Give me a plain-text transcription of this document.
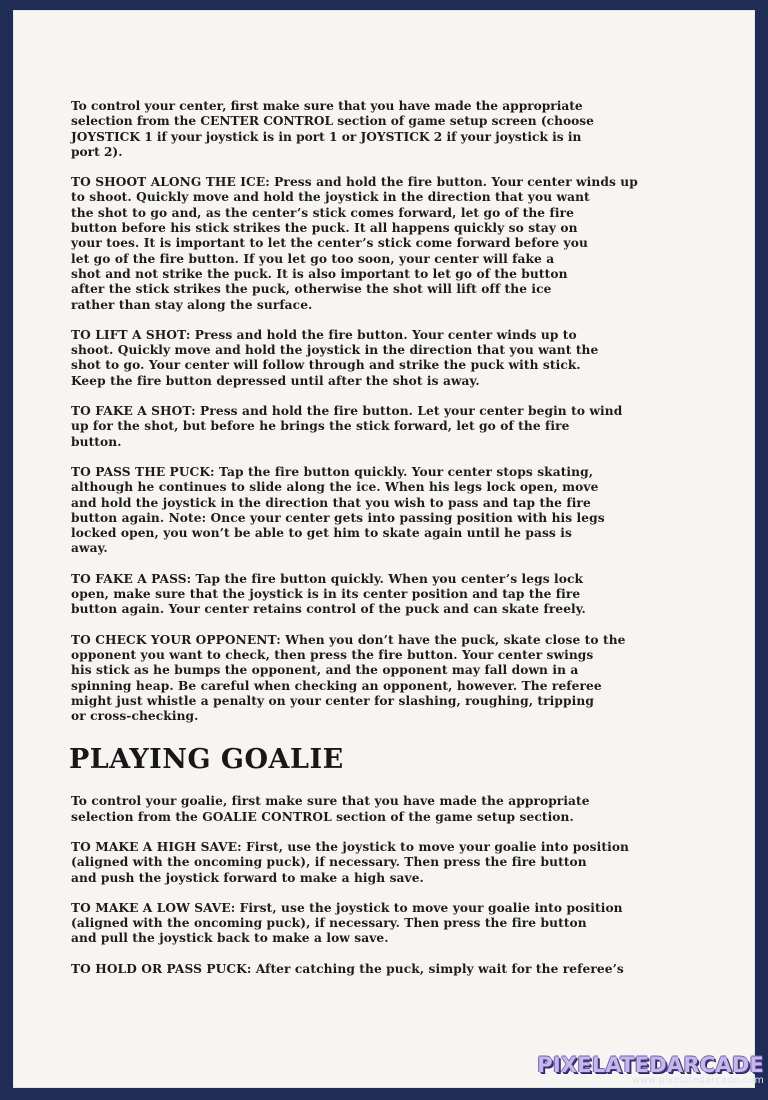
To control your center, first make sure that you have made the appropriate
selection from the CENTER CONTROL section of game setup screen (choose
JOYSTICK 1 if your joystick is in port 1 or JOYSTICK 2 if your joystick is in
port 2).

TO SHOOT ALONG THE ICE: Press and hold the fire button. Your center winds up
to shoot. Quickly move and hold the joystick in the direction that you want
the shot to go and, as the center’s stick comes forward, let go of the fire
button before his stick strikes the puck. It all happens quickly so stay on
your toes. It is important to let the center’s stick come forward before you
let go of the fire button. If you let go too soon, your center will fake a
shot and not strike the puck. It is also important to let go of the button
after the stick strikes the puck, otherwise the shot will lift off the ice
rather than stay along the surface.

TO LIFT A SHOT: Press and hold the fire button. Your center winds up to
shoot. Quickly move and hold the joystick in the direction that you want the
shot to go. Your center will follow through and strike the puck with stick.
Keep the fire button depressed until after the shot is away.

TO FAKE A SHOT: Press and hold the fire button. Let your center begin to wind
up for the shot, but before he brings the stick forward, let go of the fire
button.

TO PASS THE PUCK: Tap the fire button quickly. Your center stops skating,
although he continues to slide along the ice. When his legs lock open, move
and hold the joystick in the direction that you wish to pass and tap the fire
button again. Note: Once your center gets into passing position with his legs
locked open, you won’t be able to get him to skate again until he pass is
away.

TO FAKE A PASS: Tap the fire button quickly. When you center’s legs lock
open, make sure that the joystick is in its center position and tap the fire
button again. Your center retains control of the puck and can skate freely.

TO CHECK YOUR OPPONENT: When you don’t have the puck, skate close to the
opponent you want to check, then press the fire button. Your center swings
his stick as he bumps the opponent, and the opponent may fall down in a
spinning heap. Be careful when checking an opponent, however. The referee
might just whistle a penalty on your center for slashing, roughing, tripping
or cross-checking.

PLAYING GOALIE

To control your goalie, first make sure that you have made the appropriate
selection from the GOALIE CONTROL section of the game setup section.

TO MAKE A HIGH SAVE: First, use the joystick to move your goalie into position
(aligned with the oncoming puck), if necessary. Then press the fire button
and push the joystick forward to make a high save.

TO MAKE A LOW SAVE: First, use the joystick to move your goalie into position
(aligned with the oncoming puck), if necessary. Then press the fire button
and pull the joystick back to make a low save.

TO HOLD OR PASS PUCK: After catching the puck, simply wait for the referee’s

PIXELATEDARCADE
www.pixelatedarcade.com
